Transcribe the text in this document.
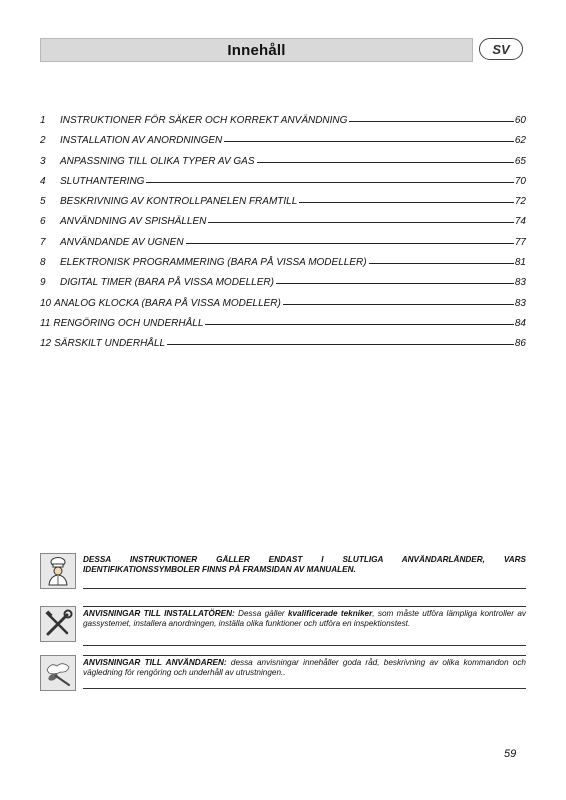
Innehåll	SV
1	INSTRUKTIONER FÖR SÄKER OCH KORREKT ANVÄNDNING	60
2	INSTALLATION AV ANORDNINGEN	62
3	ANPASSNING TILL OLIKA TYPER AV GAS	65
4	SLUTHANTERING	70
5	BESKRIVNING AV KONTROLLPANELEN FRAMTILL	72
6	ANVÄNDNING AV SPISHÄLLEN	74
7	ANVÄNDANDE AV UGNEN	77
8	ELEKTRONISK PROGRAMMERING (BARA PÅ VISSA MODELLER)	81
9	DIGITAL TIMER (BARA PÅ VISSA MODELLER)	83
10 ANALOG KLOCKA (BARA PÅ VISSA MODELLER)	83
11 RENGÖRING OCH UNDERHÅLL	84
12 SÄRSKILT UNDERHÅLL	86
DESSA INSTRUKTIONER GÄLLER ENDAST I SLUTLIGA ANVÄNDARLÄNDER, VARS IDENTIFIKATIONSSYMBOLER FINNS PÅ FRAMSIDAN AV MANUALEN.
ANVISNINGAR TILL INSTALLATÖREN: Dessa gäller kvalificerade tekniker, som måste utföra lämpliga kontroller av gassystemet, installera anordningen, inställa olika funktioner och utföra en inspektionstest.
ANVISNINGAR TILL ANVÄNDAREN: dessa anvisningar innehåller goda råd, beskrivning av olika kommandon och vägledning för rengöring och underhåll av utrustningen..
59
